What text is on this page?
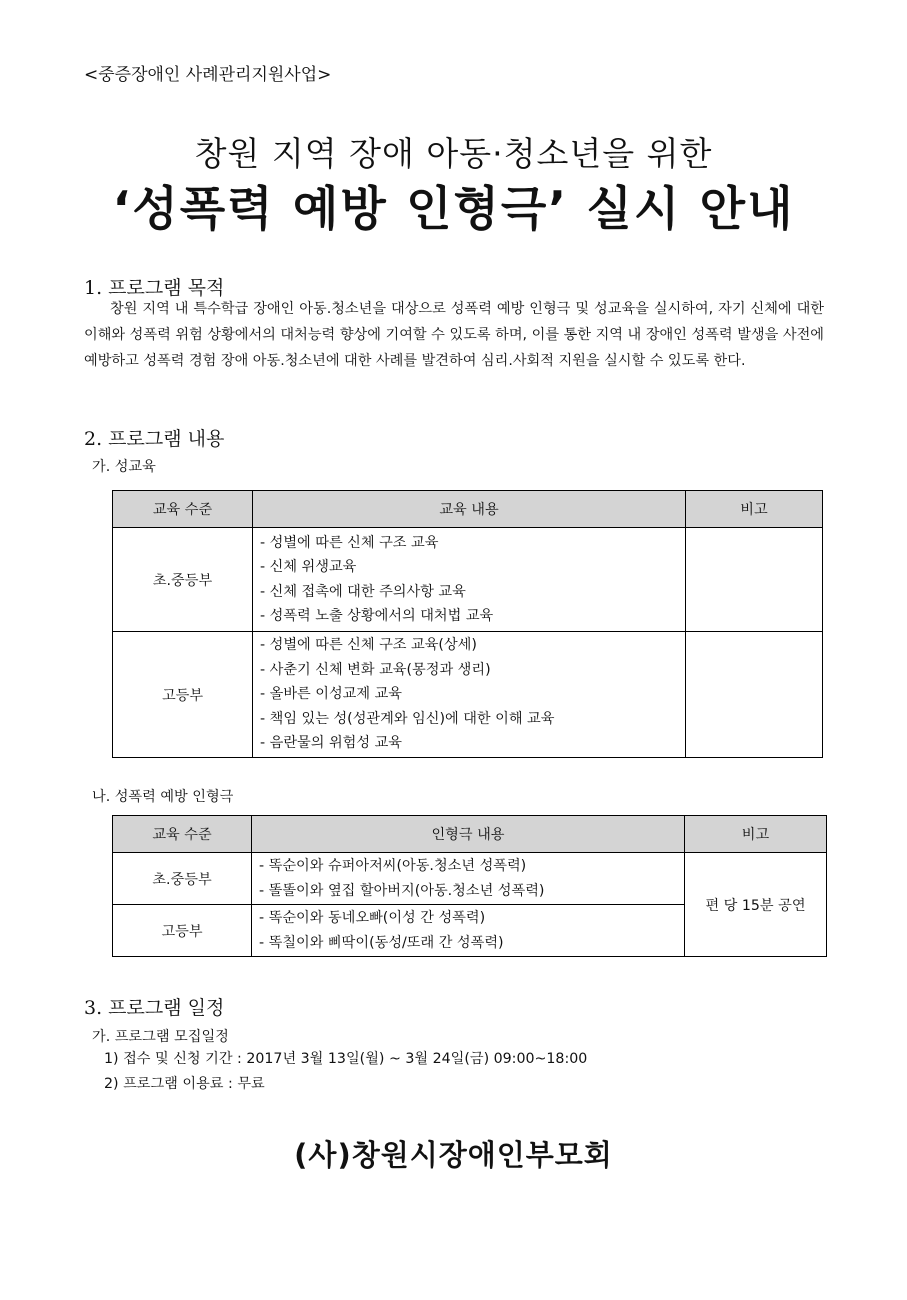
<중증장애인 사례관리지원사업>
창원 지역 장애 아동·청소년을 위한
‘성폭력 예방 인형극’ 실시 안내
1. 프로그램 목적
창원 지역 내 특수학급 장애인 아동.청소년을 대상으로 성폭력 예방 인형극 및 성교육을 실시하여, 자기 신체에 대한 이해와 성폭력 위험 상황에서의 대처능력 향상에 기여할 수 있도록 하며, 이를 통한 지역 내 장애인 성폭력 발생을 사전에 예방하고 성폭력 경험 장애 아동.청소년에 대한 사례를 발견하여 심리.사회적 지원을 실시할 수 있도록 한다.
2. 프로그램 내용
가. 성교육
교육 수준	교육 내용	비고
초.중등부	- 성별에 따른 신체 구조 교육
- 신체 위생교육
- 신체 접촉에 대한 주의사항 교육
- 성폭력 노출 상황에서의 대처법 교육	

고등부	- 성별에 따른 신체 구조 교육(상세)
- 사춘기 신체 변화 교육(몽정과 생리)
- 올바른 이성교제 교육
- 책임 있는 성(성관계와 임신)에 대한 이해 교육
- 음란물의 위험성 교육	

나. 성폭력 예방 인형극
교육 수준	인형극 내용	비고
초.중등부	- 똑순이와 슈퍼아저씨(아동.청소년 성폭력)
- 똘똘이와 옆집 할아버지(아동.청소년 성폭력)	편 당 15분 공연
고등부	- 똑순이와 동네오빠(이성 간 성폭력)
- 똑칠이와 삐딱이(동성/또래 간 성폭력)	
3. 프로그램 일정
가. 프로그램 모집일정
1) 접수 및 신청 기간 : 2017년 3월 13일(월) ~ 3월 24일(금) 09:00~18:00
2) 프로그램 이용료 : 무료
(사)창원시장애인부모회
